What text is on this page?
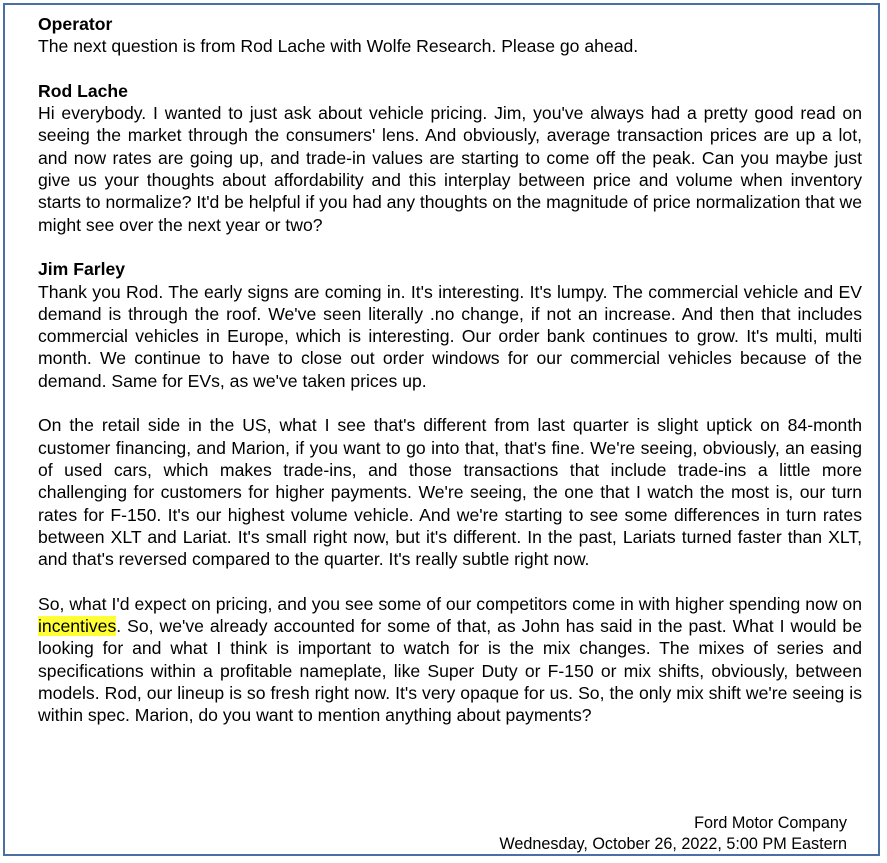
Operator

The next question is from Rod Lache with Wolfe Research. Please go ahead.

Rod Lache

Hi everybody. I wanted to just ask about vehicle pricing. Jim, you've always had a pretty good read on seeing the market through the consumers' lens. And obviously, average transaction prices are up a lot, and now rates are going up, and trade-in values are starting to come off the peak. Can you maybe just give us your thoughts about affordability and this interplay between price and volume when inventory starts to normalize? It'd be helpful if you had any thoughts on the magnitude of price normalization that we might see over the next year or two?

Jim Farley

Thank you Rod. The early signs are coming in. It's interesting. It's lumpy. The commercial vehicle and EV demand is through the roof. We've seen literally .no change, if not an increase. And then that includes commercial vehicles in Europe, which is interesting. Our order bank continues to grow. It's multi, multi month. We continue to have to close out order windows for our commercial vehicles because of the demand. Same for EVs, as we've taken prices up.

On the retail side in the US, what I see that's different from last quarter is slight uptick on 84-month customer financing, and Marion, if you want to go into that, that's fine. We're seeing, obviously, an easing of used cars, which makes trade-ins, and those transactions that include trade-ins a little more challenging for customers for higher payments. We're seeing, the one that I watch the most is, our turn rates for F-150. It's our highest volume vehicle. And we're starting to see some differences in turn rates between XLT and Lariat. It's small right now, but it's different. In the past, Lariats turned faster than XLT, and that's reversed compared to the quarter. It's really subtle right now.

So, what I'd expect on pricing, and you see some of our competitors come in with higher spending now on incentives. So, we've already accounted for some of that, as John has said in the past. What I would be looking for and what I think is important to watch for is the mix changes. The mixes of series and specifications within a profitable nameplate, like Super Duty or F-150 or mix shifts, obviously, between models. Rod, our lineup is so fresh right now. It's very opaque for us. So, the only mix shift we're seeing is within spec. Marion, do you want to mention anything about payments?

Ford Motor Company
Wednesday, October 26, 2022, 5:00 PM Eastern
